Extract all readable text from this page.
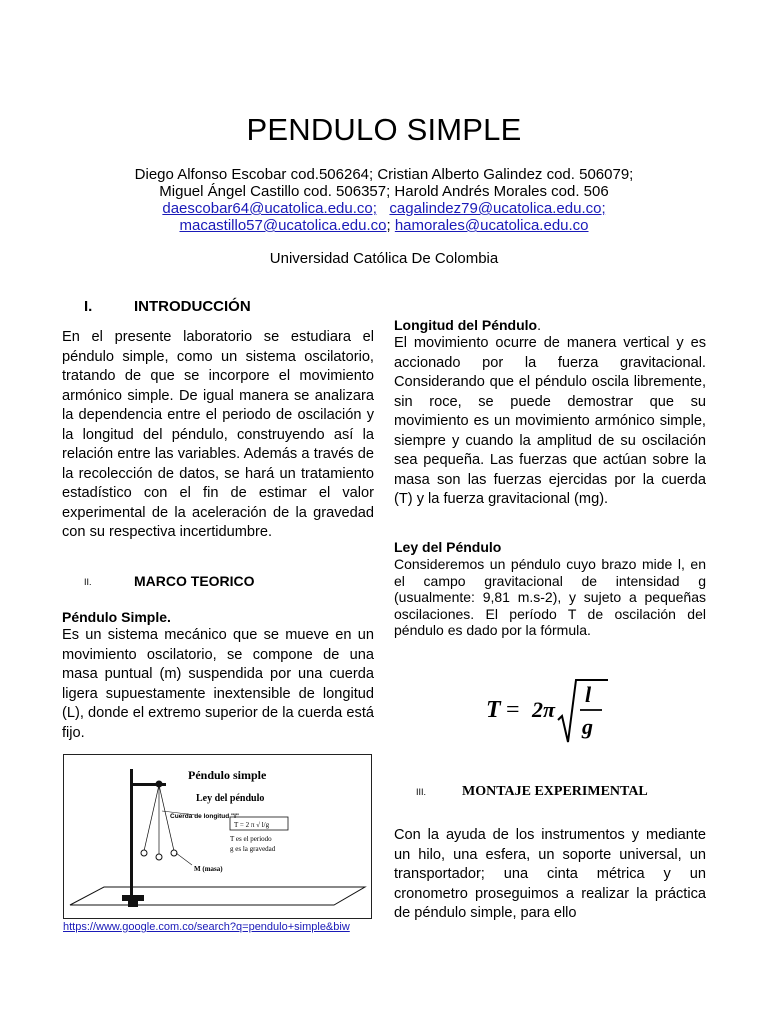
PENDULO SIMPLE
Diego Alfonso Escobar cod.506264; Cristian Alberto Galindez cod. 506079;
Miguel Ángel Castillo cod. 506357; Harold Andrés Morales cod. 506
daescobar64@ucatolica.edu.co; cagalindez79@ucatolica.edu.co;
macastillo57@ucatolica.edu.co; hamorales@ucatolica.edu.co
Universidad Católica De Colombia
I.	INTRODUCCIÓN

En el presente laboratorio se estudiara el péndulo simple, como un sistema oscilatorio, tratando de que se incorpore el movimiento armónico simple. De igual manera se analizara la dependencia entre el periodo de oscilación y la longitud del péndulo, construyendo así la relación entre las variables. Además a través de la recolección de datos, se hará un tratamiento estadístico con el fin de estimar el valor experimental de la aceleración de la gravedad con su respectiva incertidumbre.

II.	MARCO TEORICO

Péndulo Simple.

Es un sistema mecánico que se mueve en un movimiento oscilatorio, se compone de una masa puntual (m) suspendida por una cuerda ligera supuestamente inextensible de longitud (L), donde el extremo superior de la cuerda está fijo.

Péndulo simple
Ley del péndulo
Cuerda de longitud "l"
T = 2 π √ l/g
T es el periodo
g es la gravedad
M (masa)
https://www.google.com.co/search?q=pendulo+simple&biw

Longitud del Péndulo.

El movimiento ocurre de manera vertical y es accionado por la fuerza gravitacional. Considerando que el péndulo oscila libremente, sin roce, se puede demostrar que su movimiento es un movimiento armónico simple, siempre y cuando la amplitud de su oscilación sea pequeña. Las fuerzas que actúan sobre la masa son las fuerzas ejercidas por la cuerda (T) y la fuerza gravitacional (mg).

Ley del Péndulo

Consideremos un péndulo cuyo brazo mide l, en el campo gravitacional de intensidad g (usualmente: 9,81 m.s-2), y sujeto a pequeñas oscilaciones. El período T de oscilación del péndulo es dado por la fórmula.

T = 2π
l
g
III.	MONTAJE EXPERIMENTAL

Con la ayuda de los instrumentos y mediante un hilo, una esfera, un soporte universal, un transportador; una cinta métrica y un cronometro proseguimos a realizar la práctica de péndulo simple, para ello
